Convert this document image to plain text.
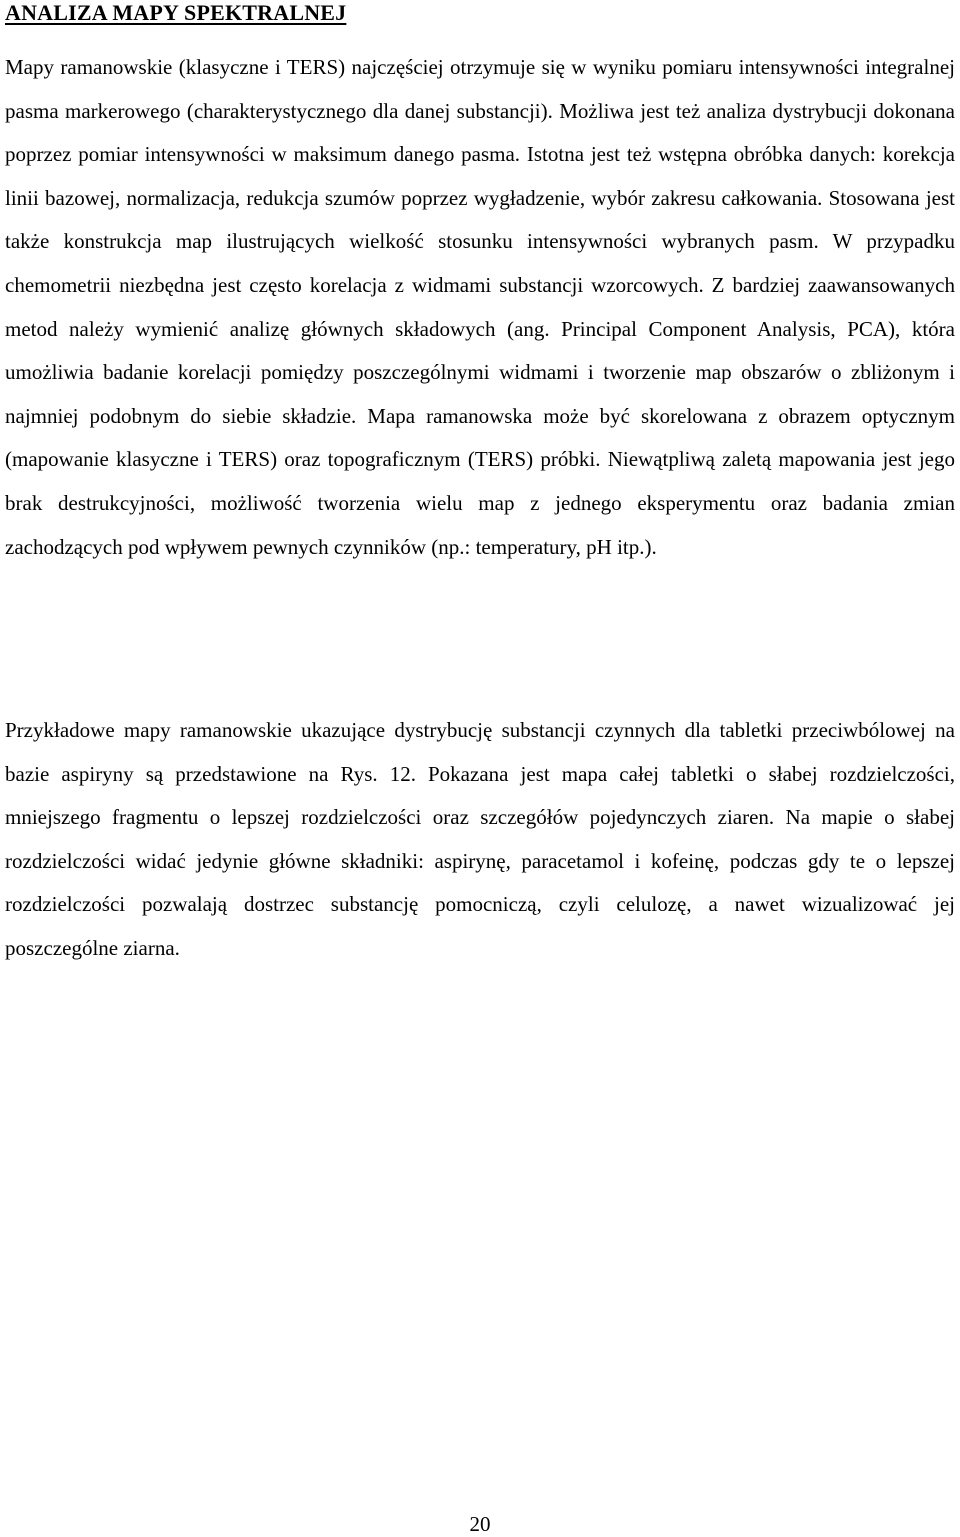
ANALIZA MAPY SPEKTRALNEJ

Mapy ramanowskie (klasyczne i TERS) najczęściej otrzymuje się w wyniku pomiaru intensywności integralnej pasma markerowego (charakterystycznego dla danej substancji). Możliwa jest też analiza dystrybucji dokonana poprzez pomiar intensywności w maksimum danego pasma. Istotna jest też wstępna obróbka danych: korekcja linii bazowej, normalizacja, redukcja szumów poprzez wygładzenie, wybór zakresu całkowania. Stosowana jest także konstrukcja map ilustrujących wielkość stosunku intensywności wybranych pasm. W przypadku chemometrii niezbędna jest często korelacja z widmami substancji wzorcowych. Z bardziej zaawansowanych metod należy wymienić analizę głównych składowych (ang. Principal Component Analysis, PCA), która umożliwia badanie korelacji pomiędzy poszczególnymi widmami i tworzenie map obszarów o zbliżonym i najmniej podobnym do siebie składzie. Mapa ramanowska może być skorelowana z obrazem optycznym (mapowanie klasyczne i TERS) oraz topograficznym (TERS) próbki. Niewątpliwą zaletą mapowania jest jego brak destrukcyjności, możliwość tworzenia wielu map z jednego eksperymentu oraz badania zmian zachodzących pod wpływem pewnych czynników (np.: temperatury, pH itp.).

Przykładowe mapy ramanowskie ukazujące dystrybucję substancji czynnych dla tabletki przeciwbólowej na bazie aspiryny są przedstawione na Rys. 12. Pokazana jest mapa całej tabletki o słabej rozdzielczości, mniejszego fragmentu o lepszej rozdzielczości oraz szczegółów pojedynczych ziaren. Na mapie o słabej rozdzielczości widać jedynie główne składniki: aspirynę, paracetamol i kofeinę, podczas gdy te o lepszej rozdzielczości pozwalają dostrzec substancję pomocniczą, czyli celulozę, a nawet wizualizować jej poszczególne ziarna.

20
